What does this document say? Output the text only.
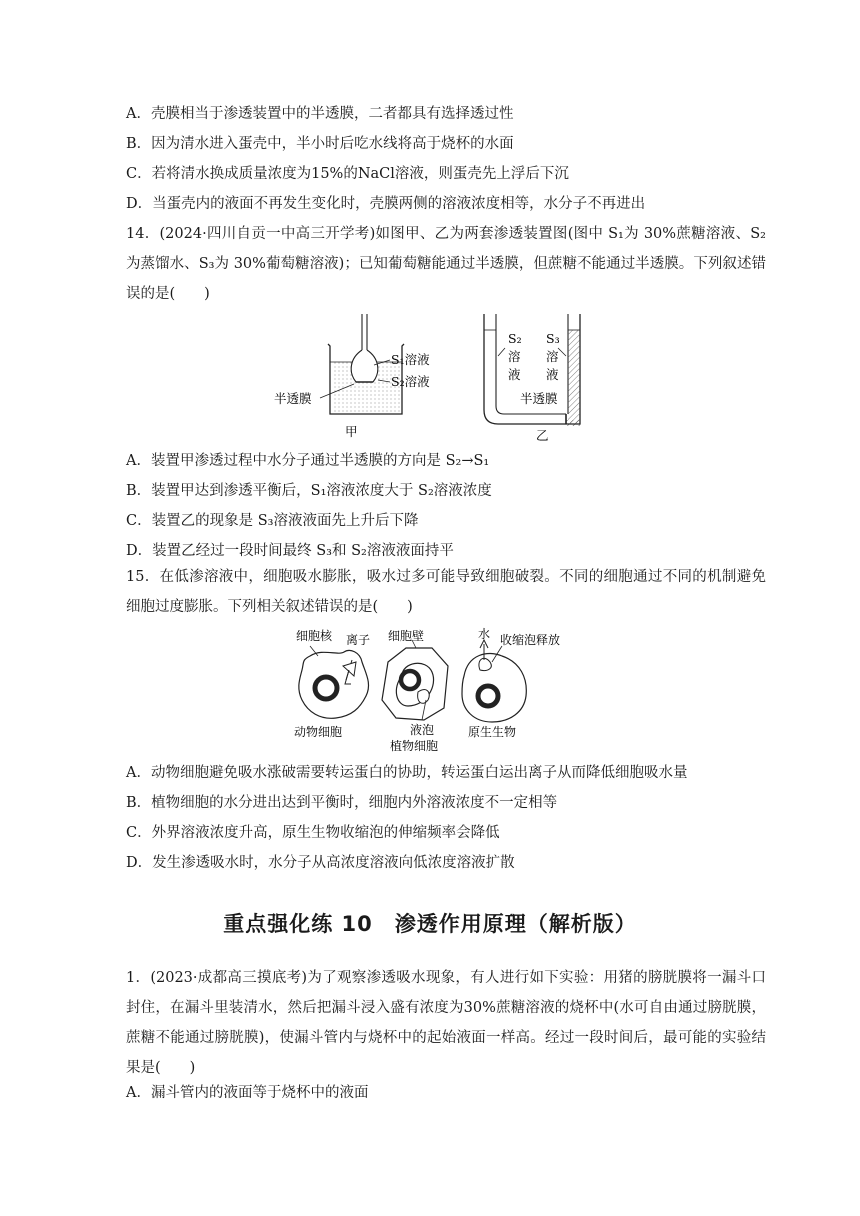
A．壳膜相当于渗透装置中的半透膜，二者都具有选择透过性
B．因为清水进入蛋壳中，半小时后吃水线将高于烧杯的水面
C．若将清水换成质量浓度为15%的NaCl溶液，则蛋壳先上浮后下沉
D．当蛋壳内的液面不再发生变化时，壳膜两侧的溶液浓度相等，水分子不再进出
14．(2024·四川自贡一中高三开学考)如图甲、乙为两套渗透装置图(图中 S₁为 30%蔗糖溶液、S₂为蒸馏水、S₃为 30%葡萄糖溶液)；已知葡萄糖能通过半透膜，但蔗糖不能通过半透膜。下列叙述错误的是(　　)
S₁溶液
S₂溶液
半透膜
甲
S₂
溶
液
S₃
溶
液
半透膜
乙
A．装置甲渗透过程中水分子通过半透膜的方向是 S₂→S₁
B．装置甲达到渗透平衡后，S₁溶液浓度大于 S₂溶液浓度
C．装置乙的现象是 S₃溶液液面先上升后下降
D．装置乙经过一段时间最终 S₃和 S₂溶液液面持平
15．在低渗溶液中，细胞吸水膨胀，吸水过多可能导致细胞破裂。不同的细胞通过不同的机制避免细胞过度膨胀。下列相关叙述错误的是(　　)
细胞核 离子
动物细胞
细胞壁
液泡
植物细胞
水 收缩泡释放
原生生物
A．动物细胞避免吸水涨破需要转运蛋白的协助，转运蛋白运出离子从而降低细胞吸水量
B．植物细胞的水分进出达到平衡时，细胞内外溶液浓度不一定相等
C．外界溶液浓度升高，原生生物收缩泡的伸缩频率会降低
D．发生渗透吸水时，水分子从高浓度溶液向低浓度溶液扩散
重点强化练 10　渗透作用原理（解析版）
1．(2023·成都高三摸底考)为了观察渗透吸水现象，有人进行如下实验：用猪的膀胱膜将一漏斗口封住，在漏斗里装清水，然后把漏斗浸入盛有浓度为30%蔗糖溶液的烧杯中(水可自由通过膀胱膜，蔗糖不能通过膀胱膜)，使漏斗管内与烧杯中的起始液面一样高。经过一段时间后，最可能的实验结果是(　　)
A．漏斗管内的液面等于烧杯中的液面
